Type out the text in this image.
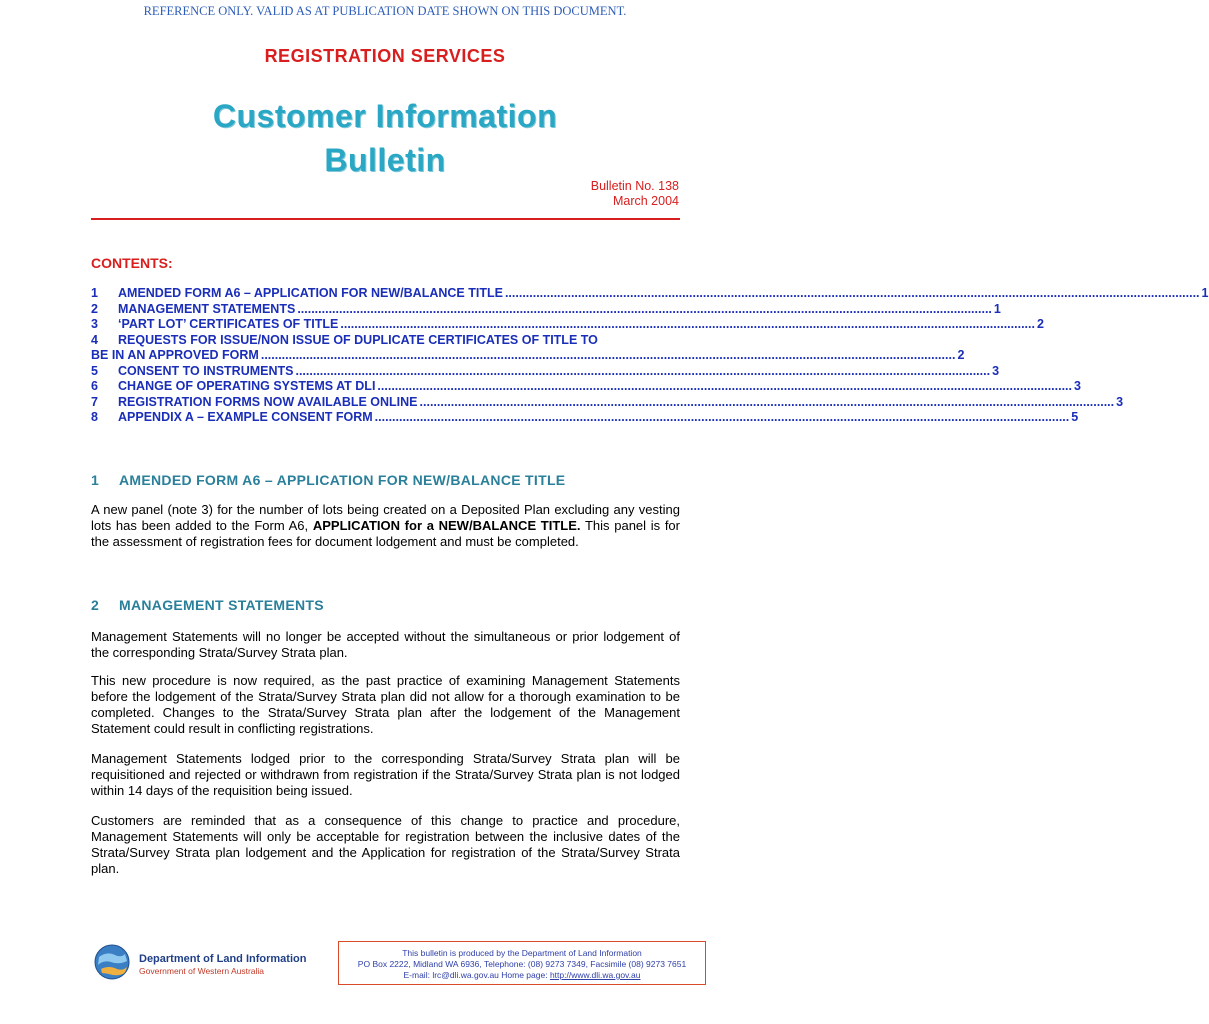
REFERENCE ONLY. VALID AS AT PUBLICATION DATE SHOWN ON THIS DOCUMENT.
REGISTRATION SERVICES
Customer Information
Bulletin
Bulletin No. 138
March 2004
CONTENTS:
1	AMENDED FORM A6 – APPLICATION FOR NEW/BALANCE TITLE ........................................................................................................................................................................................................ 1
2	MANAGEMENT STATEMENTS ........................................................................................................................................................................................................ 1
3	‘PART LOT’ CERTIFICATES OF TITLE ........................................................................................................................................................................................................ 2
4	REQUESTS FOR ISSUE/NON ISSUE OF DUPLICATE CERTIFICATES OF TITLE TO
BE IN AN APPROVED FORM ........................................................................................................................................................................................................ 2
5	CONSENT TO INSTRUMENTS ........................................................................................................................................................................................................ 3
6	CHANGE OF OPERATING SYSTEMS AT DLI ........................................................................................................................................................................................................ 3
7	REGISTRATION FORMS NOW AVAILABLE ONLINE ........................................................................................................................................................................................................ 3
8	APPENDIX A – EXAMPLE CONSENT FORM ........................................................................................................................................................................................................ 5
1 AMENDED FORM A6 – APPLICATION FOR NEW/BALANCE TITLE
A new panel (note 3) for the number of lots being created on a Deposited Plan excluding any vesting lots has been added to the Form A6, APPLICATION for a NEW/BALANCE TITLE. This panel is for the assessment of registration fees for document lodgement and must be completed.
2 MANAGEMENT STATEMENTS
Management Statements will no longer be accepted without the simultaneous or prior lodgement of the corresponding Strata/Survey Strata plan.
This new procedure is now required, as the past practice of examining Management Statements before the lodgement of the Strata/Survey Strata plan did not allow for a thorough examination to be completed. Changes to the Strata/Survey Strata plan after the lodgement of the Management Statement could result in conflicting registrations.
Management Statements lodged prior to the corresponding Strata/Survey Strata plan will be requisitioned and rejected or withdrawn from registration if the Strata/Survey Strata plan is not lodged within 14 days of the requisition being issued.
Customers are reminded that as a consequence of this change to practice and procedure, Management Statements will only be acceptable for registration between the inclusive dates of the Strata/Survey Strata plan lodgement and the Application for registration of the Strata/Survey Strata plan.
Department of Land Information
Government of Western Australia
This bulletin is produced by the Department of Land Information
PO Box 2222, Midland WA 6936, Telephone: (08) 9273 7349, Facsimile (08) 9273 7651
E-mail: lrc@dli.wa.gov.au Home page: http://www.dli.wa.gov.au
